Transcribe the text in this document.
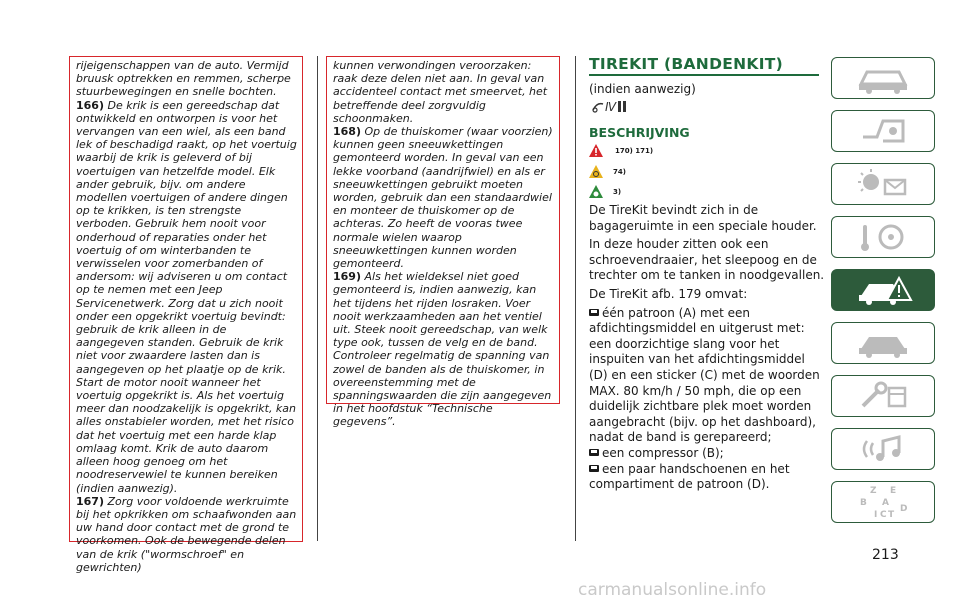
rijeigenschappen van de auto. Vermijd bruusk optrekken en remmen, scherpe stuurbewegingen en snelle bochten.

166) De krik is een gereedschap dat ontwikkeld en ontworpen is voor het vervangen van een wiel, als een band lek of beschadigd raakt, op het voertuig waarbij de krik is geleverd of bij voertuigen van hetzelfde model. Elk ander gebruik, bijv. om andere modellen voertuigen of andere dingen op te krikken, is ten strengste verboden. Gebruik hem nooit voor onderhoud of reparaties onder het voertuig of om winterbanden te verwisselen voor zomerbanden of andersom: wij adviseren u om contact op te nemen met een Jeep Servicenetwerk. Zorg dat u zich nooit onder een opgekrikt voertuig bevindt: gebruik de krik alleen in de aangegeven standen. Gebruik de krik niet voor zwaardere lasten dan is aangegeven op het plaatje op de krik. Start de motor nooit wanneer het voertuig opgekrikt is. Als het voertuig meer dan noodzakelijk is opgekrikt, kan alles onstabieler worden, met het risico dat het voertuig met een harde klap omlaag komt. Krik de auto daarom alleen hoog genoeg om het noodreservewiel te kunnen bereiken (indien aanwezig).

167) Zorg voor voldoende werkruimte bij het opkrikken om schaafwonden aan uw hand door contact met de grond te voorkomen. Ook de bewegende delen van de krik ("wormschroef" en gewrichten)

kunnen verwondingen veroorzaken: raak deze delen niet aan. In geval van accidenteel contact met smeervet, het betreffende deel zorgvuldig schoonmaken.

168) Op de thuiskomer (waar voorzien) kunnen geen sneeuwkettingen gemonteerd worden. In geval van een lekke voorband (aandrijfwiel) en als er sneeuwkettingen gebruikt moeten worden, gebruik dan een standaardwiel en monteer de thuiskomer op de achteras. Zo heeft de vooras twee normale wielen waarop sneeuwkettingen kunnen worden gemonteerd.

169) Als het wieldeksel niet goed gemonteerd is, indien aanwezig, kan het tijdens het rijden losraken. Voer nooit werkzaamheden aan het ventiel uit. Steek nooit gereedschap, van welk type ook, tussen de velg en de band. Controleer regelmatig de spanning van zowel de banden als de thuiskomer, in overeenstemming met de spanningswaarden die zijn aangegeven in het hoofdstuk “Technische gegevens”.

TIREKIT (BANDENKIT)
(indien aanwezig)
Ⅳ
BESCHRIJVING
170) 171)
74)
3)

De TireKit bevindt zich in de bagageruimte in een speciale houder.

In deze houder zitten ook een schroevendraaier, het sleepoog en de trechter om te tanken in noodgevallen.

De TireKit afb. 179 omvat:

één patroon (A) met een afdichtingsmiddel en uitgerust met: een doorzichtige slang voor het inspuiten van het afdichtingsmiddel (D) en een sticker (C) met de woorden MAX. 80 km/h / 50 mph, die op een duidelijk zichtbare plek moet worden aangebracht (bijv. op het dashboard), nadat de band is gerepareerd;

een compressor (B);

een paar handschoenen en het compartiment de patroon (D).	Z E
B A
I C T
D
213
carmanualsonline.info
